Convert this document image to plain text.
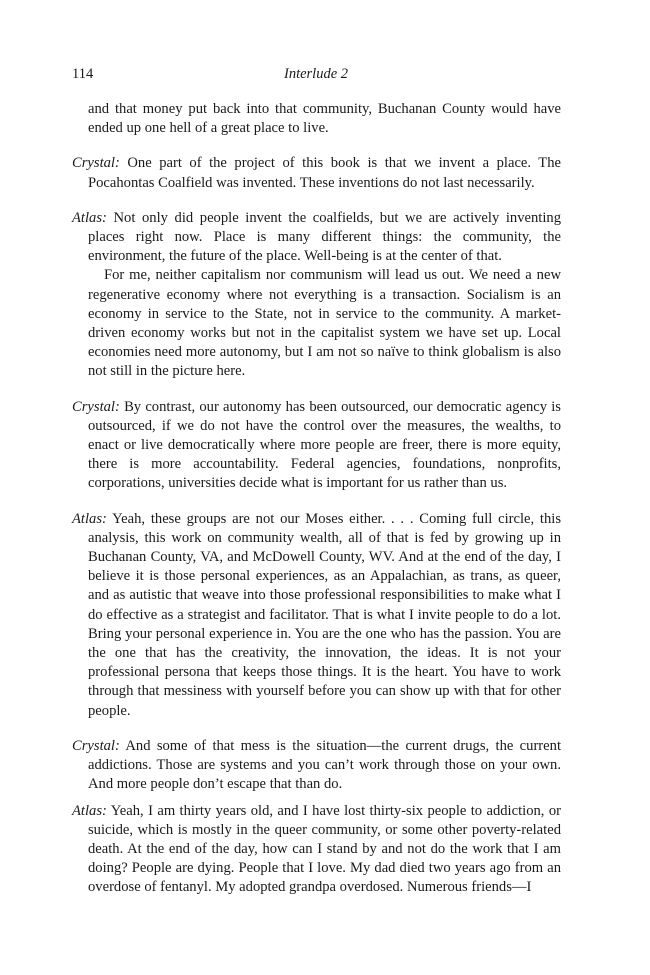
114	Interlude 2

and that money put back into that community, Buchanan County would have ended up one hell of a great place to live.

Crystal: One part of the project of this book is that we invent a place. The Pocahontas Coalfield was invented. These inventions do not last necessarily.

Atlas: Not only did people invent the coalfields, but we are actively inventing places right now. Place is many different things: the community, the environment, the future of the place. Well-being is at the center of that.

For me, neither capitalism nor communism will lead us out. We need a new regenerative economy where not everything is a transaction. Socialism is an economy in service to the State, not in service to the community. A market-driven economy works but not in the capitalist system we have set up. Local economies need more autonomy, but I am not so naïve to think globalism is also not still in the picture here.

Crystal: By contrast, our autonomy has been outsourced, our democratic agency is outsourced, if we do not have the control over the measures, the wealths, to enact or live democratically where more people are freer, there is more equity, there is more accountability. Federal agencies, foundations, nonprofits, corporations, universities decide what is important for us rather than us.

Atlas: Yeah, these groups are not our Moses either. . . . Coming full circle, this analysis, this work on community wealth, all of that is fed by growing up in Buchanan County, VA, and McDowell County, WV. And at the end of the day, I believe it is those personal experiences, as an Appalachian, as trans, as queer, and as autistic that weave into those professional responsibilities to make what I do effective as a strategist and facilitator. That is what I invite people to do a lot. Bring your personal experience in. You are the one who has the passion. You are the one that has the creativity, the innovation, the ideas. It is not your professional persona that keeps those things. It is the heart. You have to work through that messiness with yourself before you can show up with that for other people.

Crystal: And some of that mess is the situation—the current drugs, the current addictions. Those are systems and you can’t work through those on your own. And more people don’t escape that than do.

Atlas: Yeah, I am thirty years old, and I have lost thirty-six people to addiction, or suicide, which is mostly in the queer community, or some other poverty-related death. At the end of the day, how can I stand by and not do the work that I am doing? People are dying. People that I love. My dad died two years ago from an overdose of fentanyl. My adopted grandpa overdosed. Numerous friends—I
